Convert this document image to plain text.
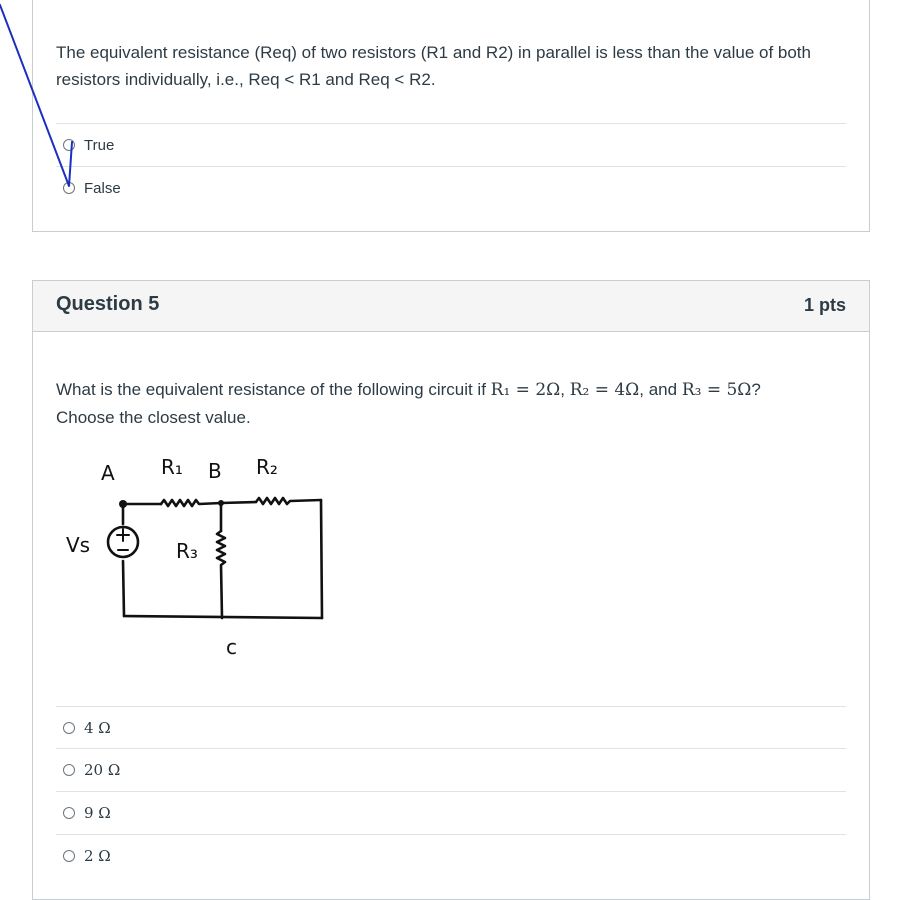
The equivalent resistance (Req) of two resistors (R1 and R2) in parallel is less than the value of both resistors individually, i.e., Req < R1 and Req < R2.
True
False
Question 5	1 pts
What is the equivalent resistance of the following circuit if R₁ = 2Ω, R₂ = 4Ω, and R₃ = 5Ω?
Choose the closest value.
A R₁ B R₂
R₃
Vs
c
4 Ω
20 Ω
9 Ω
2 Ω
